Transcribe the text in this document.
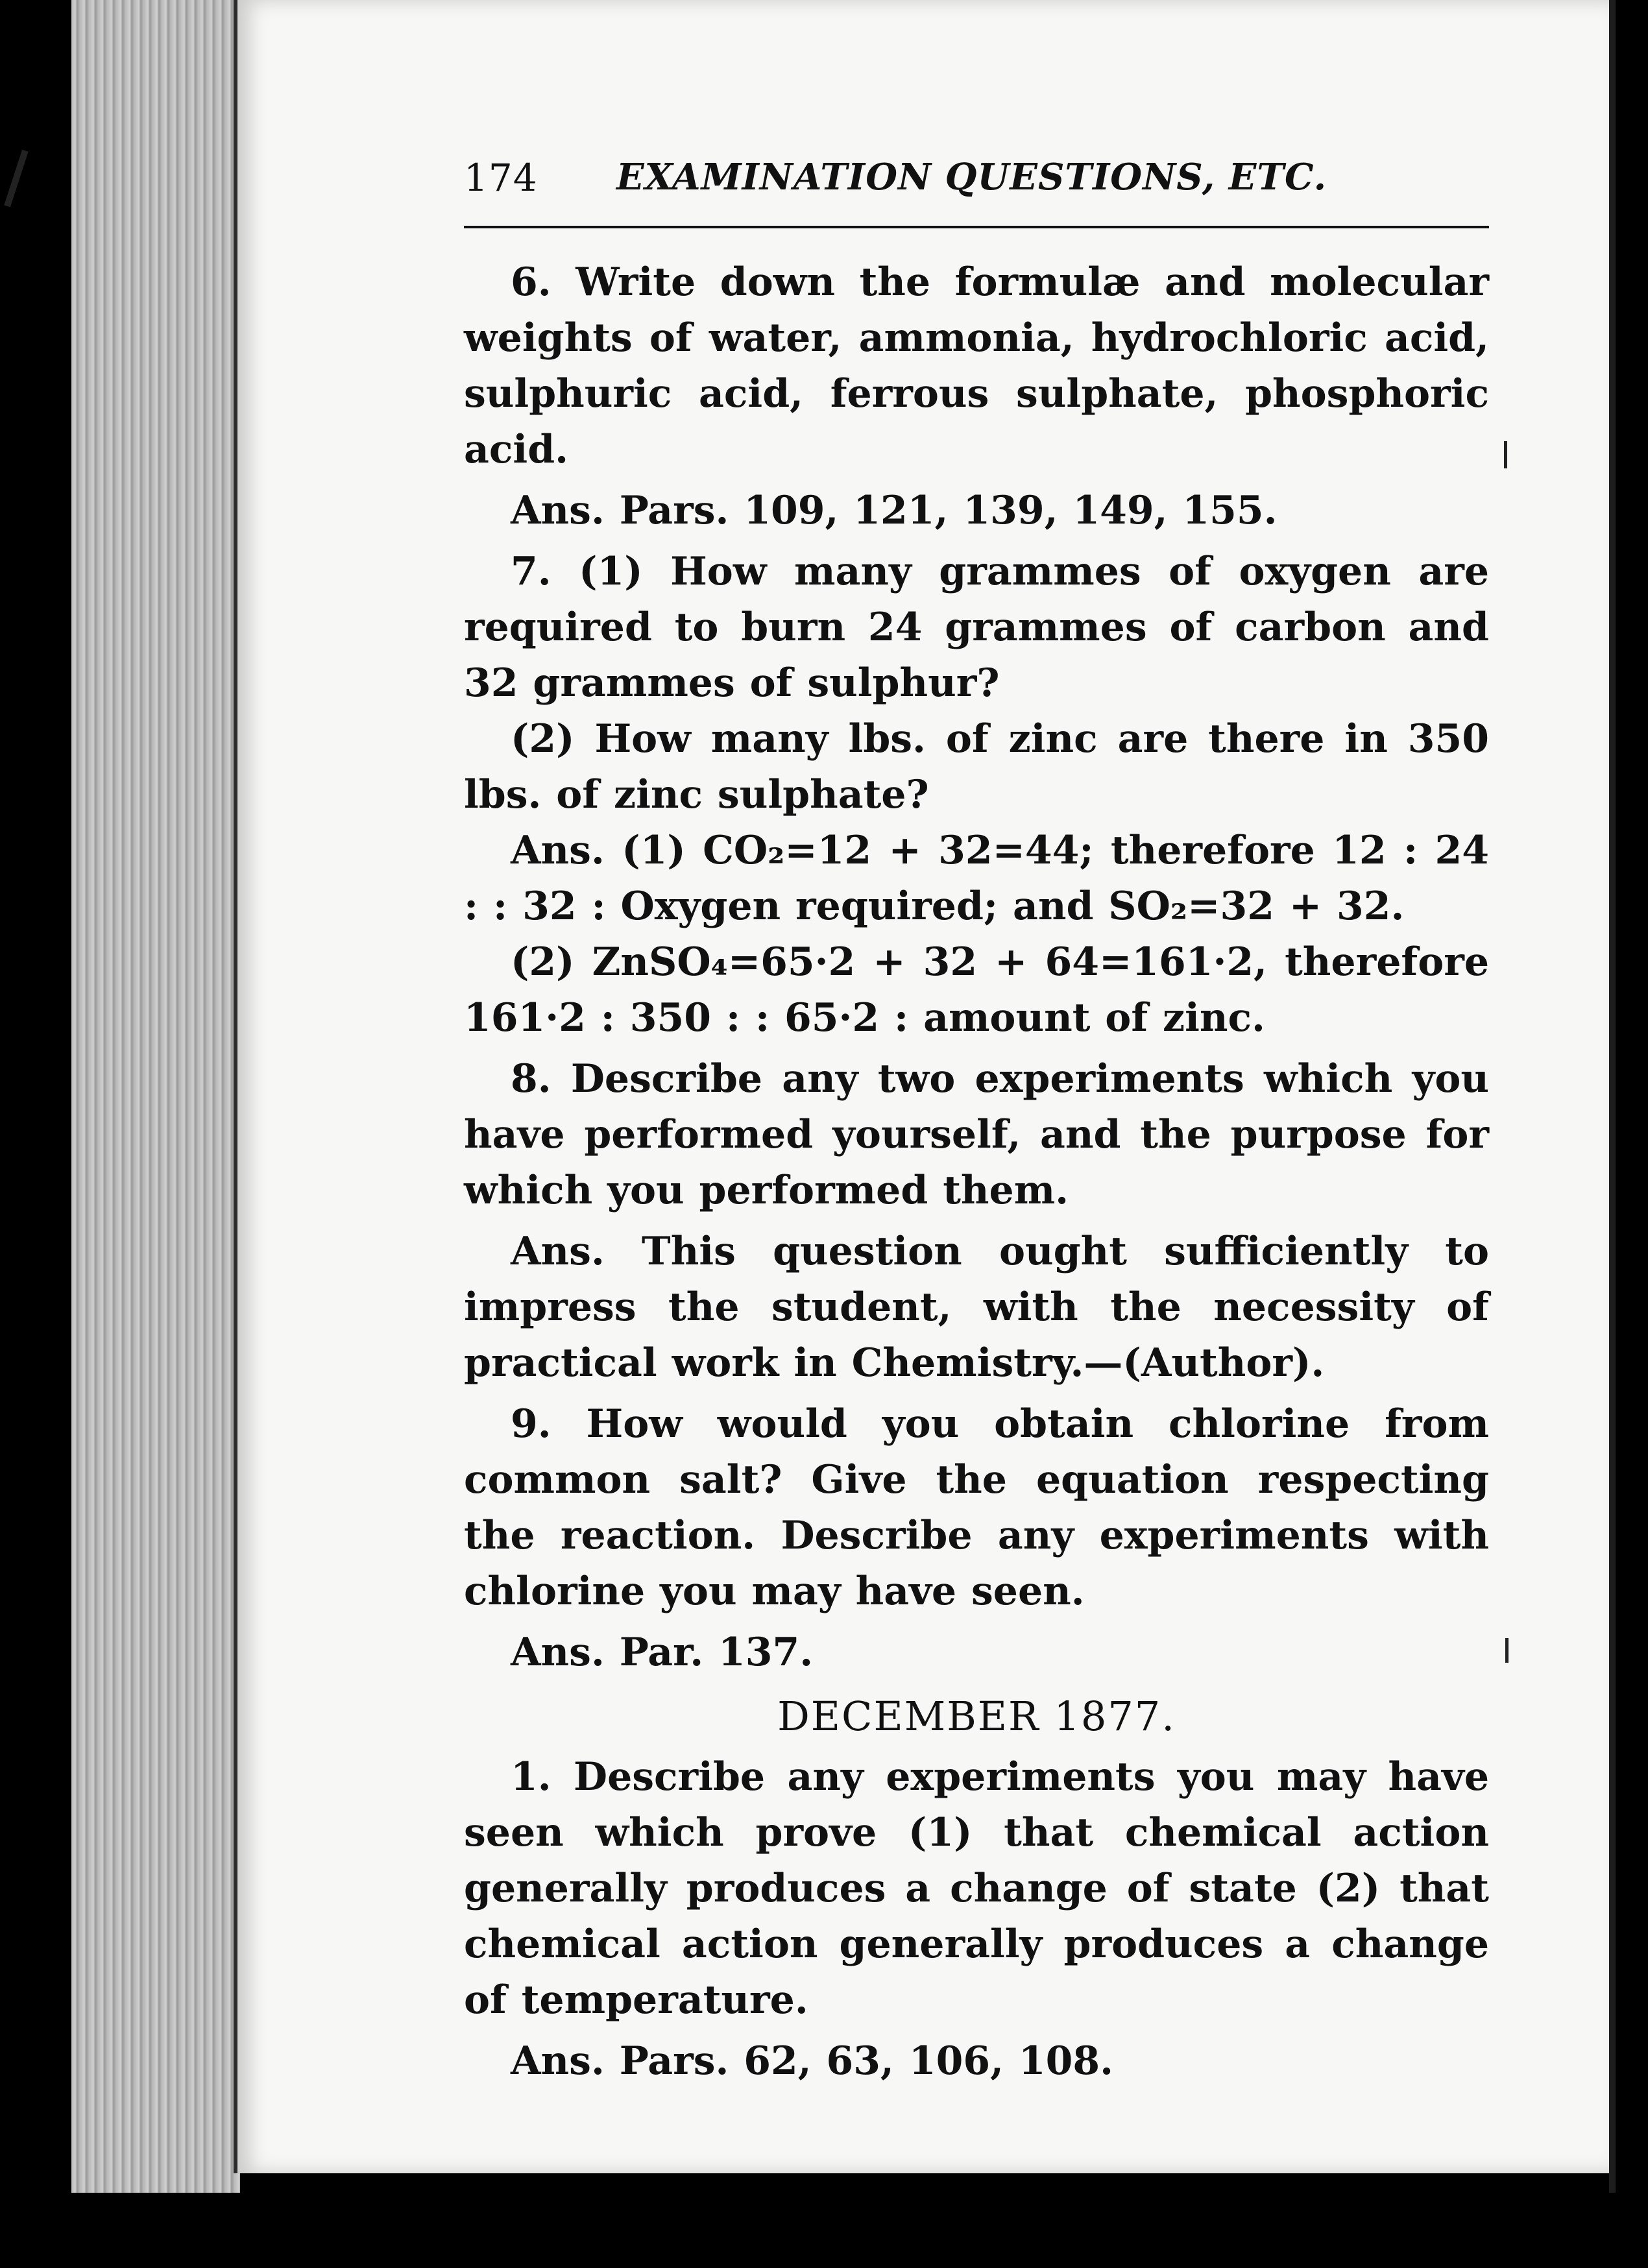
174 EXAMINATION QUESTIONS, ETC.

6. Write down the formulæ and molecular weights of water, ammonia, hydrochloric acid, sulphuric acid, ferrous sulphate, phosphoric acid.

Ans. Pars. 109, 121, 139, 149, 155.

7. (1) How many grammes of oxygen are required to burn 24 grammes of carbon and 32 grammes of sulphur?

(2) How many lbs. of zinc are there in 350 lbs. of zinc sulphate?

Ans. (1) CO₂=12 + 32=44; therefore 12 : 24 : : 32 : Oxygen required; and SO₂=32 + 32.

(2) ZnSO₄=65·2 + 32 + 64=161·2, therefore 161·2 : 350 : : 65·2 : amount of zinc.

8. Describe any two experiments which you have performed yourself, and the purpose for which you performed them.

Ans. This question ought sufficiently to impress the student, with the necessity of practical work in Chemistry.—(Author).

9. How would you obtain chlorine from common salt? Give the equation respecting the reaction. Describe any experiments with chlorine you may have seen.

Ans. Par. 137.

DECEMBER 1877.

1. Describe any experiments you may have seen which prove (1) that chemical action generally produces a change of state (2) that chemical action generally produces a change of temperature.

Ans. Pars. 62, 63, 106, 108.
